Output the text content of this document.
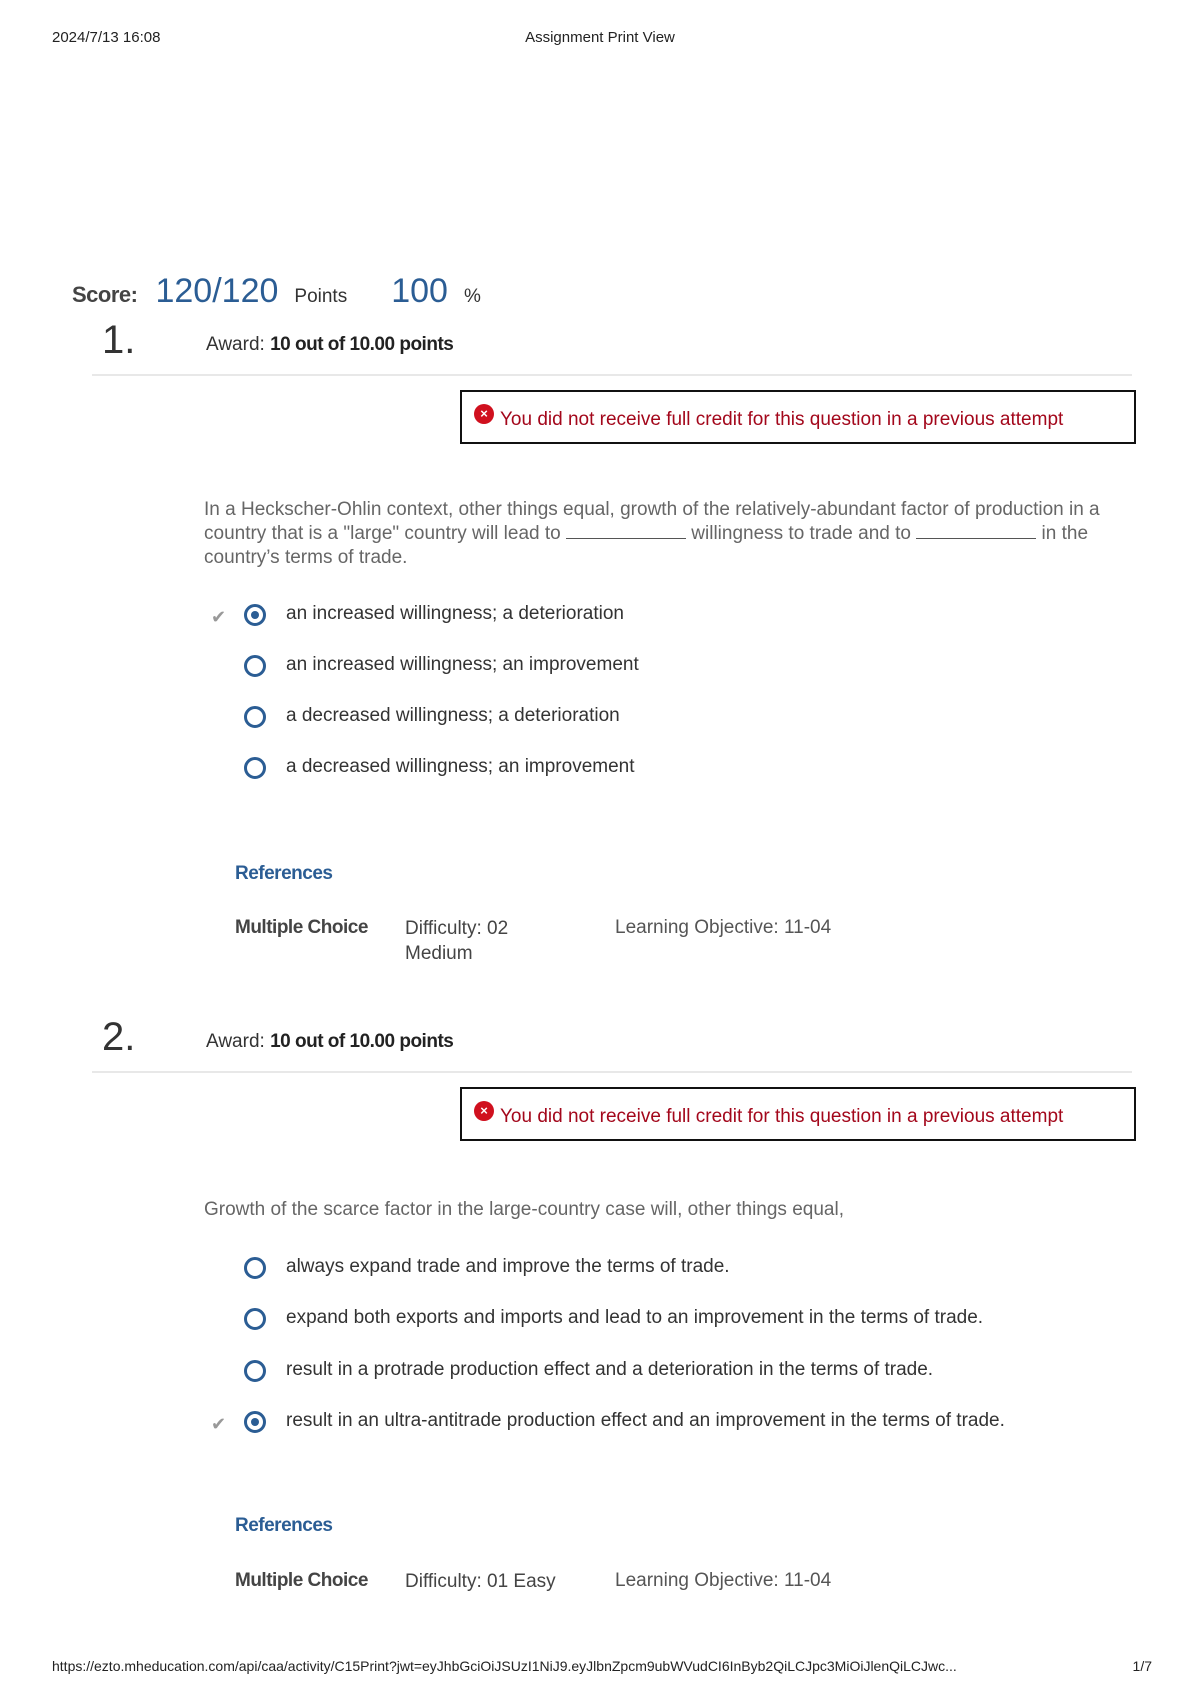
2024/7/13 16:08	Assignment Print View
Score: 120/120 Points 100 %
1.	Award: 10 out of 10.00 points
× You did not receive full credit for this question in a previous attempt
In a Heckscher-Ohlin context, other things equal, growth of the relatively-abundant factor of production in a country that is a "large" country will lead to	willingness to trade and to	in the country’s terms of trade.
✔	an increased willingness; a deterioration
an increased willingness; an improvement
a decreased willingness; a deterioration
a decreased willingness; an improvement
References
Multiple Choice Difficulty: 02
Medium
Learning Objective: 11-04
2.	Award: 10 out of 10.00 points
× You did not receive full credit for this question in a previous attempt
Growth of the scarce factor in the large-country case will, other things equal,
always expand trade and improve the terms of trade.
expand both exports and imports and lead to an improvement in the terms of trade.
result in a protrade production effect and a deterioration in the terms of trade.
✔	result in an ultra-antitrade production effect and an improvement in the terms of trade.
References
Multiple Choice Difficulty: 01 Easy	Learning Objective: 11-04
https://ezto.mheducation.com/api/caa/activity/C15Print?jwt=eyJhbGciOiJSUzI1NiJ9.eyJlbnZpcm9ubWVudCI6InByb2QiLCJpc3MiOiJlenQiLCJwc...	1/7
